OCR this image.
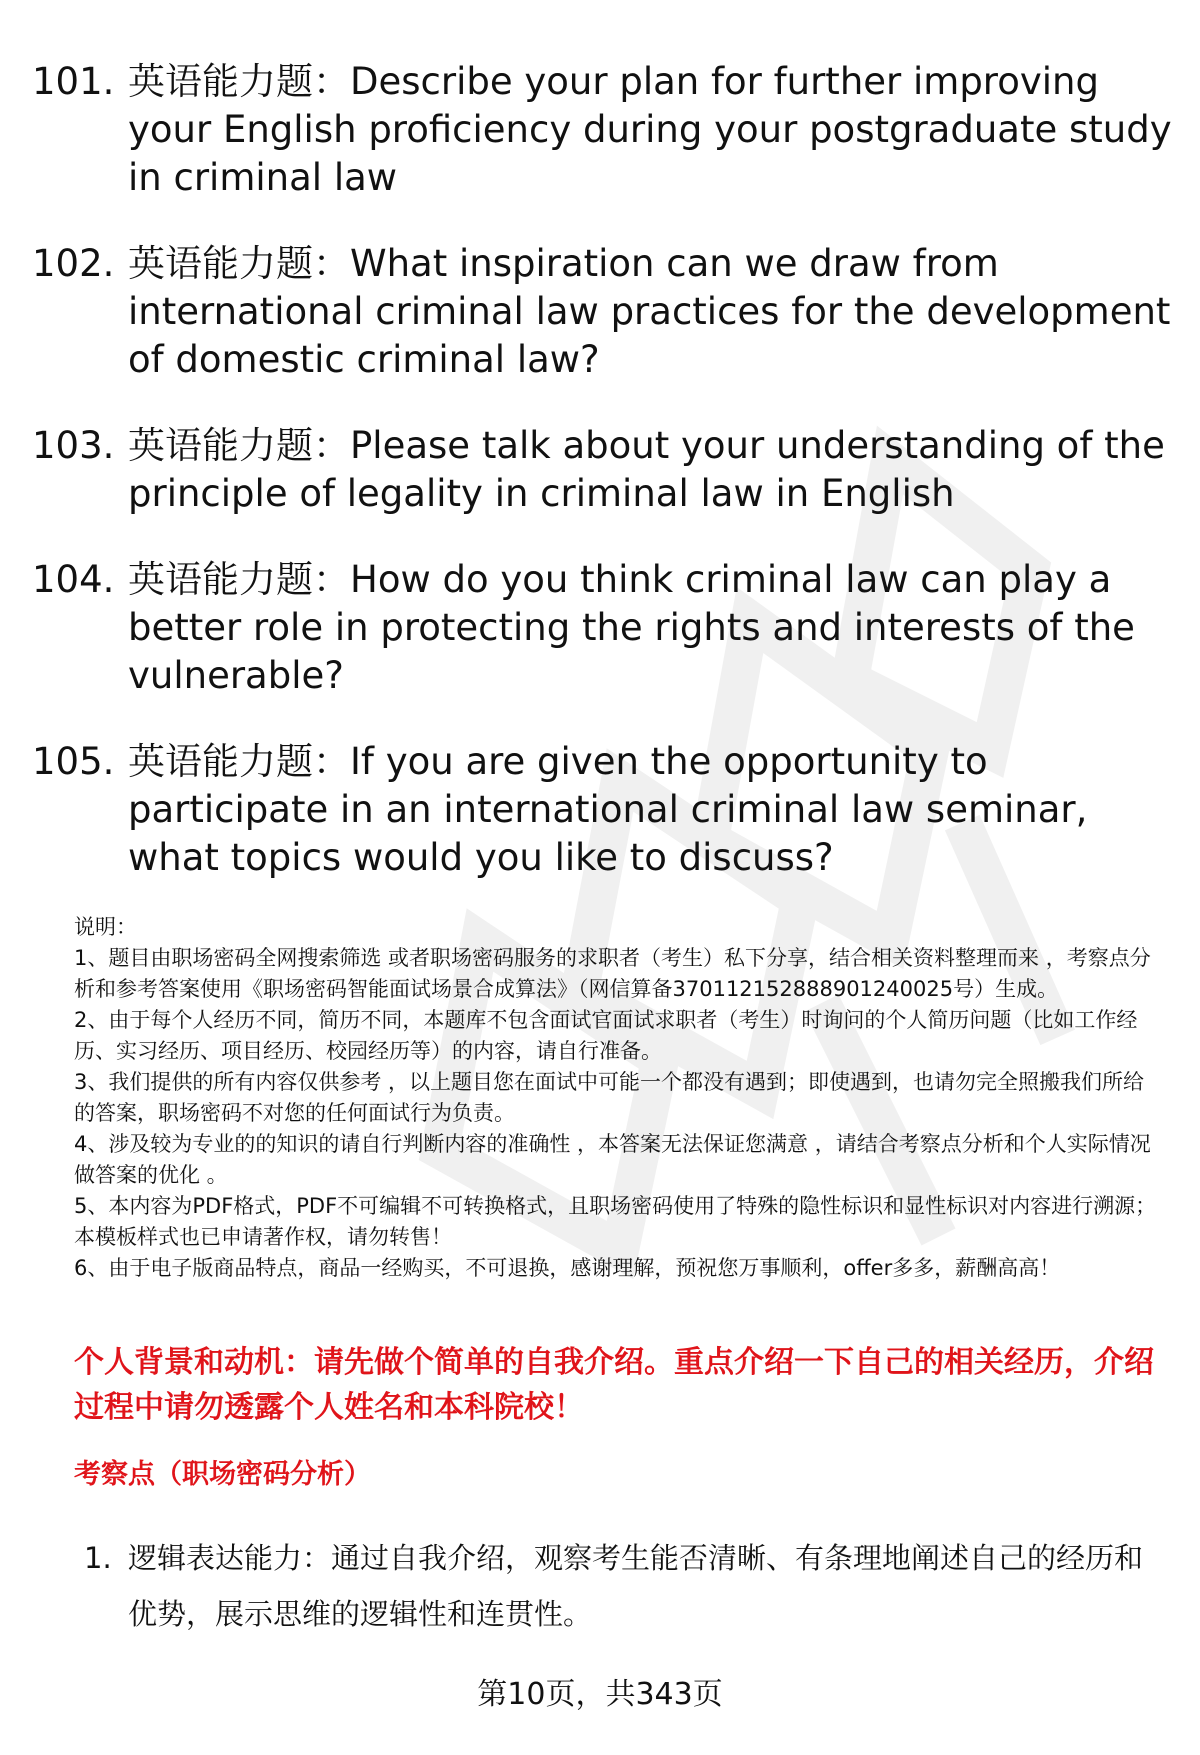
101. 英语能力题：Describe your plan for further improving your English proficiency during your postgraduate study in criminal law
102. 英语能力题：What inspiration can we draw from international criminal law practices for the development of domestic criminal law?
103. 英语能力题：Please talk about your understanding of the principle of legality in criminal law in English
104. 英语能力题：How do you think criminal law can play a better role in protecting the rights and interests of the vulnerable?
105. 英语能力题：If you are given the opportunity to participate in an international criminal law seminar, what topics would you like to discuss?

说明：

1、题目由职场密码全网搜索筛选 或者职场密码服务的求职者（考生）私下分享，结合相关资料整理而来 ，考察点分析和参考答案使用《职场密码智能面试场景合成算法》（网信算备370112152888901240025号）生成。

2、由于每个人经历不同，简历不同，本题库不包含面试官面试求职者（考生）时询问的个人简历问题（比如工作经历、实习经历、项目经历、校园经历等）的内容，请自行准备。

3、我们提供的所有内容仅供参考 ，以上题目您在面试中可能一个都没有遇到；即使遇到，也请勿完全照搬我们所给的答案，职场密码不对您的任何面试行为负责。

4、涉及较为专业的的知识的请自行判断内容的准确性 ，本答案无法保证您满意 ，请结合考察点分析和个人实际情况做答案的优化 。

5、本内容为PDF格式，PDF不可编辑不可转换格式，且职场密码使用了特殊的隐性标识和显性标识对内容进行溯源；本模板样式也已申请著作权，请勿转售！

6、由于电子版商品特点，商品一经购买，不可退换，感谢理解，预祝您万事顺利，offer多多，薪酬高高！

个人背景和动机：请先做个简单的自我介绍。重点介绍一下自己的相关经历，介绍过程中请勿透露个人姓名和本科院校！
考察点（职场密码分析）
1. 逻辑表达能力：通过自我介绍，观察考生能否清晰、有条理地阐述自己的经历和优势，展示思维的逻辑性和连贯性。
第10页，共343页
